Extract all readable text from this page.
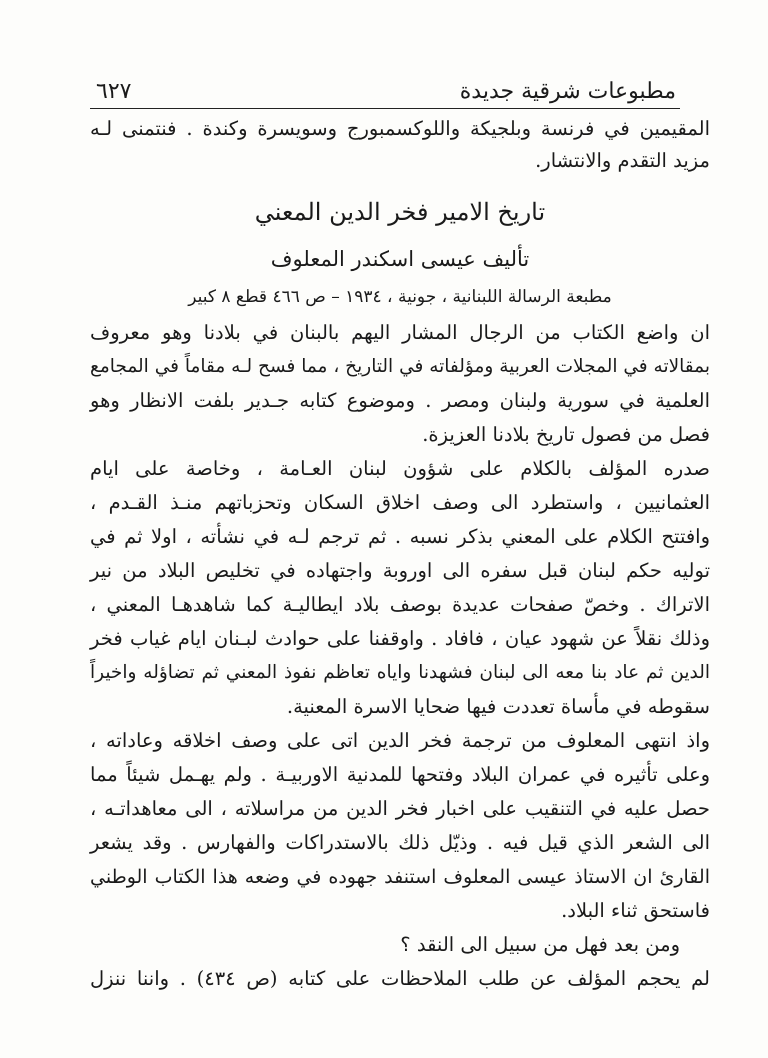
مطبوعات شرقية جديدة
٦٢٧
المقيمين في فرنسة وبلجيكة واللوكسمبورج وسويسرة وكندة . فنتمنى لـه
مزيد التقدم والانتشار.
تاريخ الامير فخر الدين المعني
تأليف عيسى اسكندر المعلوف
مطبعة الرسالة اللبنانية ، جونية ، ١٩٣٤ – ص ٤٦٦ قطع ٨ كبير
ان واضع الكتاب من الرجال المشار اليهم بالبنان في بلادنا وهو معروف
بمقالاته في المجلات العربية ومؤلفاته في التاريخ ، مما فسح لـه مقاماً في المجامع
العلمية في سورية ولبنان ومصر . وموضوع كتابه جـدير بلفت الانظار وهو
فصل من فصول تاريخ بلادنا العزيزة.
صدره المؤلف بالكلام على شؤون لبنان العـامة ، وخاصة على ايام
العثمانيين ، واستطرد الى وصف اخلاق السكان وتحزباتهم منـذ القـدم ،
وافتتح الكلام على المعني بذكر نسبه . ثم ترجم لـه في نشأته ، اولا ثم في
توليه حكم لبنان قبل سفره الى اوروبة واجتهاده في تخليص البلاد من نير
الاتراك . وخصّ صفحات عديدة بوصف بلاد ايطاليـة كما شاهدهـا المعني ،
وذلك نقلاً عن شهود عيان ، فافاد . واوقفنا على حوادث لبـنان ايام غياب فخر
الدين ثم عاد بنا معه الى لبنان فشهدنا واياه تعاظم نفوذ المعني ثم تضاؤله واخيراً
سقوطه في مأساة تعددت فيها ضحايا الاسرة المعنية.
واذ انتهى المعلوف من ترجمة فخر الدين اتى على وصف اخلاقه وعاداته ،
وعلى تأثيره في عمران البلاد وفتحها للمدنية الاوربيـة . ولم يهـمل شيئاً مما
حصل عليه في التنقيب على اخبار فخر الدين من مراسلاته ، الى معاهداتـه ،
الى الشعر الذي قيل فيه . وذيّل ذلك بالاستدراكات والفهارس . وقد يشعر
القارئ ان الاستاذ عيسى المعلوف استنفد جهوده في وضعه هذا الكتاب الوطني
فاستحق ثناء البلاد.
ومن بعد فهل من سبيل الى النقد ؟
لم يحجم المؤلف عن طلب الملاحظات على كتابه (ص ٤٣٤) . واننا ننزل
